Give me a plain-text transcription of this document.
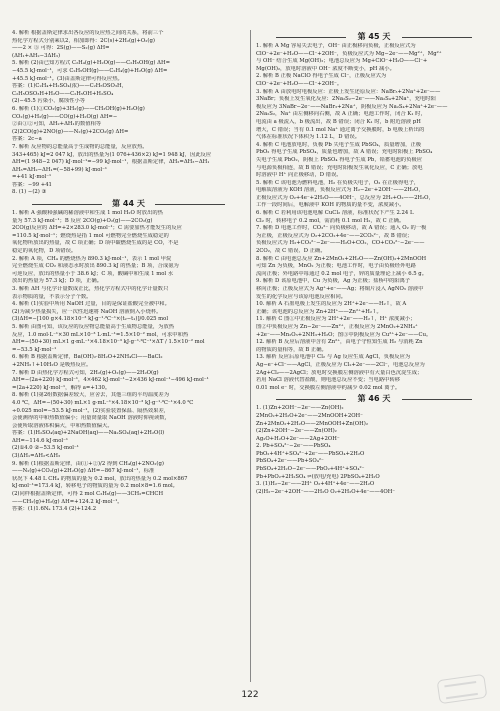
4. 解析 根据盖斯定律求出各反应的反应热之间的关系，将前三个
热化学方程式分别乘以2，相加即得：2C(s)+2H₂(g)+O₂(g)
——2 × ③ 可得：2S(g)——S₂(g) ΔH=
(ΔH₁+ΔH₂−3ΔH₃)
5. 解析 (2)由已知方程式 C₂H₄(g)+H₂O(g)——C₂H₅OH(g) ΔH=
−45.5 kJ·mol⁻¹，可求 C₂H₅OH(g)——C₂H₄(g)+H₂O(g) ΔH=
+45.5 kJ·mol⁻¹。(3)由盖斯定律可得反应热。
答案：(1)C₂H₄+H₂SO₄(浓)——C₂H₅OSO₃H，
C₂H₅OSO₃H+H₂O——C₂H₅OH+H₂SO₄
(2)−45.5 污染小、腐蚀性小等
6. 解析 (1)①CO₂(g)+3H₂(g)——CH₃OH(g)+H₂O(g)
CO₂(g)+H₂(g)——CO(g)+H₂O(g) ΔH=−
②由①②可知，ΔH₂+ΔH₁的数值相等
(2)2CO(g)+2NO(g)——N₂(g)+2CO₂(g) ΔH=
答案：2c−a
7. 解析 反应物的总能量高于生成物的总能量，反应放热。
343+465) kJ=2 047 kJ，放出的热量为(1 076+436×2) kJ=1 948 kJ，因此反应
ΔH=(1 948−2 047) kJ·mol⁻¹=−99 kJ·mol⁻¹，根据盖斯定律，ΔH₂=ΔH₃−ΔH₁
ΔH₃=ΔH₂−ΔH₁=(−58+99) kJ·mol⁻¹
=+41 kJ·mol⁻¹
答案：−99 +41
8. (1) −(2) ③
第 44 天
1. 解析 A 强酸和强碱的稀溶液中和生成 1 mol H₂O 时放出的热
量为 57.3 kJ·mol⁻¹；B 反应 2CO(g)+O₂(g)——2CO₂(g)
2CO(g)反应的 ΔH=+2×283.0 kJ·mol⁻¹；C 需要加热才能发生的反应
=110.5 kJ·mol⁻¹；燃烧热是指 1 mol 可燃物完全燃烧生成稳定的
氧化物所放出的热量，故 C 项正确；D 项中碳燃烧生成的是 CO，不是
稳定的氧化物，D 项错误。
2. 解析 A 项，CH₄ 的燃烧热为 890.3 kJ·mol⁻¹，表示 1 mol 甲烷
完全燃烧生成 CO₂ 和液态水时放出 890.3 kJ 的热量；B 项，合成氨为
可逆反应，放出的热量小于 38.6 kJ；C 项，酸碱中和生成 1 mol 水
放出的热量为 57.3 kJ；D 项，正确。
3. 解析 ΔH 与化学计量数成正比，热化学方程式中的化学计量数只
表示物质的量，不表示分子个数。
4. 解析 (1)实验中所用 NaOH 过量，目的是保证盐酸完全被中和。
(2)为减少热量损失，应一次性迅速将 NaOH 溶液倒入小烧杯。
(3)ΔH=−[100 g×4.18×10⁻³ kJ·g⁻¹·℃⁻¹×(t₂−t₁)]/0.025 mol
5. 解析 由图可知，该反应的反应物总能量高于生成物总能量，为放热
反应，1.0 mol·L⁻¹×30 mL×10⁻³ L·mL⁻¹=1.5×10⁻² mol，可求中和热
ΔH=−(50+30) mL×1 g·mL⁻¹×4.18×10⁻³ kJ·g⁻¹·℃⁻¹×ΔT / 1.5×10⁻² mol
=−53.5 kJ·mol⁻¹
6. 解析 B 根据盖斯定律，Ba(OH)₂·8H₂O+2NH₄Cl——BaCl₂
+2NH₃↑+10H₂O 是吸热反应。
7. 解析 D 由热化学方程式可知，2H₂(g)+O₂(g)——2H₂O(g)
ΔH=−(2a+220) kJ·mol⁻¹，4×462 kJ·mol⁻¹−2×436 kJ·mol⁻¹−496 kJ·mol⁻¹
=(2a+220) kJ·mol⁻¹，解得 a=+130。
8. 解析 (1)第2组数据偏差较大，应舍去，其他三组的平均温度差为
4.0 ℃，ΔH=−(50+30) mL×1 g·mL⁻¹×4.18×10⁻³ kJ·g⁻¹·℃⁻¹×4.0 ℃
÷0.025 mol=−53.5 kJ·mol⁻¹。(2)实验装置保温、隔热效果差，
会使测得的中和热数值偏小；用量筒量取 NaOH 溶液时仰视读数，
会使所取溶液体积偏大，中和热数值偏大。
答案：(1)H₂SO₄(aq)+2NaOH(aq)——Na₂SO₄(aq)+2H₂O(l)
ΔH=−114.6 kJ·mol⁻¹
(2)①4.0 ②−53.5 kJ·mol⁻¹
(3)ΔH₁=ΔH₂<ΔH₃
9. 解析 (1)根据盖斯定律，由(①+②)/2 得到 CH₄(g)+2NO₂(g)
——N₂(g)+CO₂(g)+2H₂O(g) ΔH=−867 kJ·mol⁻¹，标准
状况下 4.48 L CH₄ 的物质的量为 0.2 mol，放出的热量为 0.2 mol×867
kJ·mol⁻¹=173.4 kJ，转移电子的物质的量为 0.2 mol×8=1.6 mol。
(2)同样根据盖斯定律，可得 2 mol C₃H₆(g)——3CH₂=CHCH
——CH₂(g)+H₂(g) ΔH=+124.2 kJ·mol⁻¹。
答案：(1)1.6Nₐ 173.4 (2)+124.2
第 45 天
1. 解析 A Mg 容易失去电子，OH⁻ 由正极移向负极，正极反应式为
ClO⁻+2e⁻+H₂O——Cl⁻+2OH⁻，负极反应式为 Mg−2e⁻——Mg²⁺，Mg²⁺
与 OH⁻ 结合生成 Mg(OH)₂；电池总反应为 Mg+ClO⁻+H₂O——Cl⁻+
Mg(OH)₂，放电时溶液中 OH⁻ 浓度不断变小，pH 减小。
2. 解析 B 正极 NaClO 得电子生成 Cl⁻，正极反应式为
ClO⁻+2e⁻+H₂O——Cl⁻+2OH⁻。
3. 解析 A 由放电时电极反应：正极上发生还原反应：NaBr₃+2Na⁺+2e⁻——
3NaBr；负极上发生氧化反应：2Na₂S₂−2e⁻——Na₂S₄+2Na⁺，充电时阳
极反应为 3NaBr−2e⁻——NaBr₃+2Na⁺，阴极反应为 Na₂S₄+2Na⁺+2e⁻——
2Na₂S₂，Na⁺ 由左侧移向右侧，故 A 正确；电池工作时，闭合 K₁ 时，
电流由 a 极流入，b 极流出，故 B 错误；闭合 K₁ 时，b 附近溶液 pH
增大，C 错误；当有 0.1 mol Na⁺ 通过离子交换膜时，b 电极上析出的
气体在标准状况下体积为 1.12 L，D 错误。
4. 解析 C 电池放电时，负极 Pb 失电子生成 PbSO₄，质量增加，正极
PbO₂ 得电子生成 PbSO₄，质量也增加，故 A 错误；充电时阳极上 PbSO₄
失电子生成 PbO₂，阴极上 PbSO₄ 得电子生成 Pb，铅蓄电池的负极应
与电源负极相连，故 B 错误；充电时阳极发生氧化反应，C 正确；放电
时溶液中 H⁺ 向正极移动，D 错误。
5. 解析 C 该电池为燃料电池，H₂ 在负极失电子，O₂ 在正极得电子，
电解质溶液为 KOH 溶液，负极反应式为 H₂−2e⁻+2OH⁻——2H₂O，
正极反应式为 O₂+4e⁻+2H₂O——4OH⁻，总反应为 2H₂+O₂——2H₂O，
工作一段时间后，电解液中 KOH 的物质的量不变，浓度减小。
6. 解析 C 若利用该电池电解 CuCl₂ 溶液，标准状况下产生 2.24 L
Cl₂ 时，转移电子 0.2 mol，需消耗 0.1 mol H₂，故 C 正确。
7. 解析 D 电池工作时，CO₃²⁻ 向负极移动，故 A 错误；通入 O₂ 的一极
为正极，正极反应式为 O₂+2CO₂+4e⁻——2CO₃²⁻，故 B 错误；
负极反应式为 H₂+CO₃²⁻−2e⁻——H₂O+CO₂，CO+CO₃²⁻−2e⁻——
2CO₂，故 C 错误、D 正确。
8. 解析 C 由电池总反应 Zn+2MnO₂+2H₂O——Zn(OH)₂+2MnOOH
可知 Zn 为负极，MnO₂ 为正极；电池工作时，电子由负极经外电路
流向正极；外电路中每通过 0.2 mol 电子，锌的质量理论上减小 6.5 g。
9. 解析 D 该原电池中，Cu 为负极，Ag 为正极；盐桥中的阳离子
移向正极；正极反应式为 Ag⁺+e⁻——Ag；将铜片浸入 AgNO₃ 溶液中
发生的化学反应与该原电池反应相同。
10. 解析 A 石墨电极上发生的反应为 2H⁺+2e⁻——H₂↑，故 A
正确；该电池的总反应为 Zn+2H⁺——Zn²⁺+H₂↑。
11. 解析 C 图①中正极反应为 2H⁺+2e⁻——H₂↑，H⁺ 浓度减小；
图②中负极反应为 Zn−2e⁻——Zn²⁺，正极反应为 2MnO₂+2NH₄⁺
+2e⁻——Mn₂O₃+2NH₃+H₂O；图③中阴极反应为 Cu²⁺+2e⁻——Cu。
12. 解析 B 反应后溶液中含有 Zn²⁺，由电子守恒知生成 H₂ 与消耗 Zn
的物质的量相等，故 B 正确。
13. 解析 反应后原电池中 Cl₂ 与 Ag 反应生成 AgCl，负极反应为
Ag−e⁻+Cl⁻——AgCl，正极反应为 Cl₂+2e⁻——2Cl⁻，电池总反应为
2Ag+Cl₂——2AgCl；放电时交换膜左侧溶液中有大量白色沉淀生成；
若用 NaCl 溶液代替盐酸，则电池总反应不变；当电路中转移
0.01 mol e⁻ 时，交换膜左侧溶液中约减少 0.02 mol 离子。
第 46 天
1. (1)Zn+2OH⁻−2e⁻——Zn(OH)₂
2MnO₂+2H₂O+2e⁻——2MnOOH+2OH⁻
Zn+2MnO₂+2H₂O——2MnOOH+Zn(OH)₂
(2)Zn+2OH⁻−2e⁻——Zn(OH)₂
Ag₂O+H₂O+2e⁻——2Ag+2OH⁻
2. Pb+SO₄²⁻−2e⁻——PbSO₄
PbO₂+4H⁺+SO₄²⁻+2e⁻——PbSO₄+2H₂O
PbSO₄+2e⁻——Pb+SO₄²⁻
PbSO₄+2H₂O−2e⁻——PbO₂+4H⁺+SO₄²⁻
Pb+PbO₂+2H₂SO₄ ⇌(放电/充电) 2PbSO₄+2H₂O
3. (1)H₂−2e⁻——2H⁺ O₂+4H⁺+4e⁻——2H₂O
(2)H₂−2e⁻+2OH⁻——2H₂O O₂+2H₂O+4e⁻——4OH⁻
122
